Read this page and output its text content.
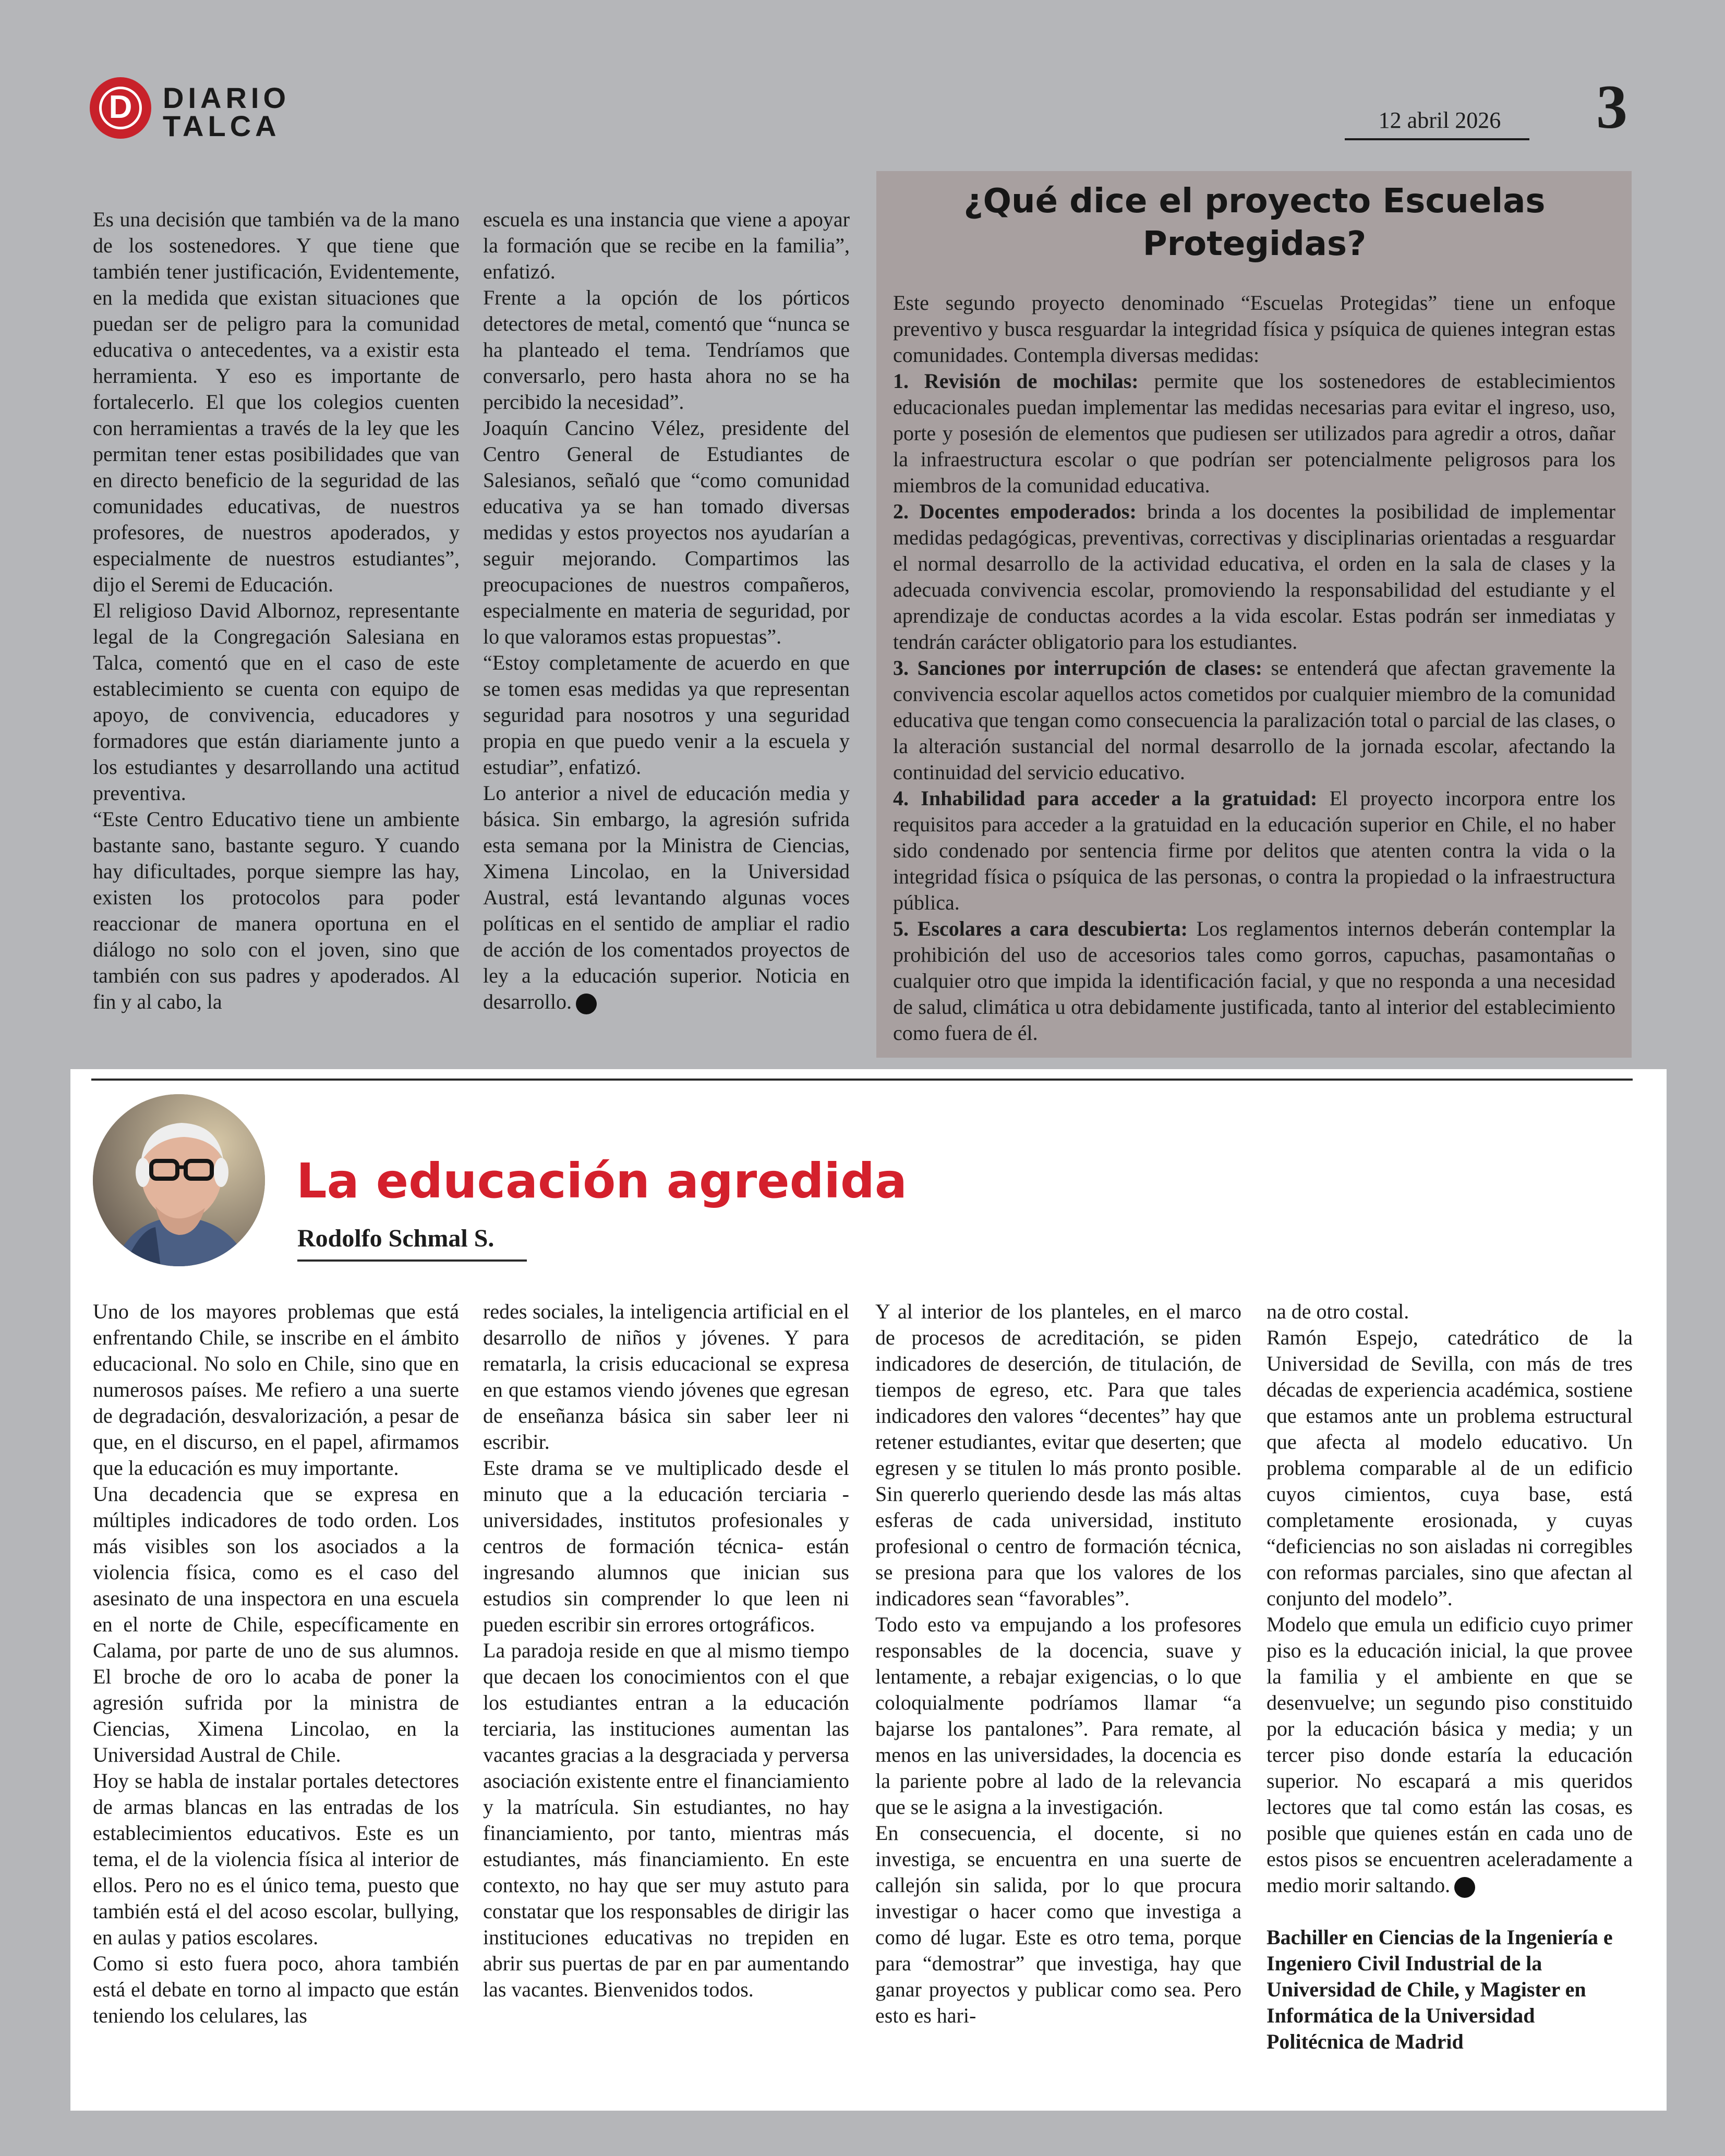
D	DIARIO
TALCA	12 abril 2026	3

Es una decisión que también va de la mano de los sostenedores. Y que tiene que también tener justificación, Evidentemente, en la medida que existan situaciones que puedan ser de peligro para la comunidad educativa o antecedentes, va a existir esta herramienta. Y eso es importante de fortalecerlo. El que los colegios cuenten con herramientas a través de la ley que les permitan tener estas posibilidades que van en directo beneficio de la seguridad de las comunidades educativas, de nuestros profesores, de nuestros apoderados, y especialmente de nuestros estudiantes”, dijo el Seremi de Educación.

El religioso David Albornoz, representante legal de la Congregación Salesiana en Talca, comentó que en el caso de este establecimiento se cuenta con equipo de apoyo, de convivencia, educadores y formadores que están diariamente junto a los estudiantes y desarrollando una actitud preventiva.

“Este Centro Educativo tiene un ambiente bastante sano, bastante seguro. Y cuando hay dificultades, porque siempre las hay, existen los protocolos para poder reaccionar de manera oportuna en el diálogo no solo con el joven, sino que también con sus padres y apoderados. Al fin y al cabo, la

escuela es una instancia que viene a apoyar la formación que se recibe en la familia”, enfatizó.

Frente a la opción de los pórticos detectores de metal, comentó que “nunca se ha planteado el tema. Tendríamos que conversarlo, pero hasta ahora no se ha percibido la necesidad”.

Joaquín Cancino Vélez, presidente del Centro General de Estudiantes de Salesianos, señaló que “como comunidad educativa ya se han tomado diversas medidas y estos proyectos nos ayudarían a seguir mejorando. Compartimos las preocupaciones de nuestros compañeros, especialmente en materia de seguridad, por lo que valoramos estas propuestas”.

“Estoy completamente de acuerdo en que se tomen esas medidas ya que representan seguridad para nosotros y una seguridad propia en que puedo venir a la escuela y estudiar”, enfatizó.

Lo anterior a nivel de educación media y básica. Sin embargo, la agresión sufrida esta semana por la Ministra de Ciencias, Ximena Lincolao, en la Universidad Austral, está levantando algunas voces políticas en el sentido de ampliar el radio de acción de los comentados proyectos de ley a la educación superior. Noticia en desarrollo.

¿Qué dice el proyecto Escuelas Protegidas?

Este segundo proyecto denominado “Escuelas Protegidas” tiene un enfoque preventivo y busca resguardar la integridad física y psíquica de quienes integran estas comunidades. Contempla diversas medidas:

1. Revisión de mochilas: permite que los sostenedores de establecimientos educacionales puedan implementar las medidas necesarias para evitar el ingreso, uso, porte y posesión de elementos que pudiesen ser utilizados para agredir a otros, dañar la infraestructura escolar o que podrían ser potencialmente peligrosos para los miembros de la comunidad educativa.

2. Docentes empoderados: brinda a los docentes la posibilidad de implementar medidas pedagógicas, preventivas, correctivas y disciplinarias orientadas a resguardar el normal desarrollo de la actividad educativa, el orden en la sala de clases y la adecuada convivencia escolar, promoviendo la responsabilidad del estudiante y el aprendizaje de conductas acordes a la vida escolar. Estas podrán ser inmediatas y tendrán carácter obligatorio para los estudiantes.

3. Sanciones por interrupción de clases: se entenderá que afectan gravemente la convivencia escolar aquellos actos cometidos por cualquier miembro de la comunidad educativa que tengan como consecuencia la paralización total o parcial de las clases, o la alteración sustancial del normal desarrollo de la jornada escolar, afectando la continuidad del servicio educativo.

4. Inhabilidad para acceder a la gratuidad: El proyecto incorpora entre los requisitos para acceder a la gratuidad en la educación superior en Chile, el no haber sido condenado por sentencia firme por delitos que atenten contra la vida o la integridad física o psíquica de las personas, o contra la propiedad o la infraestructura pública.

5. Escolares a cara descubierta: Los reglamentos internos deberán contemplar la prohibición del uso de accesorios tales como gorros, capuchas, pasamontañas o cualquier otro que impida la identificación facial, y que no responda a una necesidad de salud, climática u otra debidamente justificada, tanto al interior del establecimiento como fuera de él.

La educación agredida
Rodolfo Schmal S.

Uno de los mayores problemas que está enfrentando Chile, se inscribe en el ámbito educacional. No solo en Chile, sino que en numerosos países. Me refiero a una suerte de degradación, desvalorización, a pesar de que, en el discurso, en el papel, afirmamos que la educación es muy importante.

Una decadencia que se expresa en múltiples indicadores de todo orden. Los más visibles son los asociados a la violencia física, como es el caso del asesinato de una inspectora en una escuela en el norte de Chile, específicamente en Calama, por parte de uno de sus alumnos. El broche de oro lo acaba de poner la agresión sufrida por la ministra de Ciencias, Ximena Lincolao, en la Universidad Austral de Chile.

Hoy se habla de instalar portales detectores de armas blancas en las entradas de los establecimientos educativos. Este es un tema, el de la violencia física al interior de ellos. Pero no es el único tema, puesto que también está el del acoso escolar, bullying, en aulas y patios escolares.

Como si esto fuera poco, ahora también está el debate en torno al impacto que están teniendo los celulares, las

redes sociales, la inteligencia artificial en el desarrollo de niños y jóvenes. Y para rematarla, la crisis educacional se expresa en que estamos viendo jóvenes que egresan de enseñanza básica sin saber leer ni escribir.

Este drama se ve multiplicado desde el minuto que a la educación terciaria -universidades, institutos profesionales y centros de formación técnica- están ingresando alumnos que inician sus estudios sin comprender lo que leen ni pueden escribir sin errores ortográficos.

La paradoja reside en que al mismo tiempo que decaen los conocimientos con el que los estudiantes entran a la educación terciaria, las instituciones aumentan las vacantes gracias a la desgraciada y perversa asociación existente entre el financiamiento y la matrícula. Sin estudiantes, no hay financiamiento, por tanto, mientras más estudiantes, más financiamiento. En este contexto, no hay que ser muy astuto para constatar que los responsables de dirigir las instituciones educativas no trepiden en abrir sus puertas de par en par aumentando las vacantes. Bienvenidos todos.

Y al interior de los planteles, en el marco de procesos de acreditación, se piden indicadores de deserción, de titulación, de tiempos de egreso, etc. Para que tales indicadores den valores “decentes” hay que retener estudiantes, evitar que deserten; que egresen y se titulen lo más pronto posible. Sin quererlo queriendo desde las más altas esferas de cada universidad, instituto profesional o centro de formación técnica, se presiona para que los valores de los indicadores sean “favorables”.

Todo esto va empujando a los profesores responsables de la docencia, suave y lentamente, a rebajar exigencias, o lo que coloquialmente podríamos llamar “a bajarse los pantalones”. Para remate, al menos en las universidades, la docencia es la pariente pobre al lado de la relevancia que se le asigna a la investigación.

En consecuencia, el docente, si no investiga, se encuentra en una suerte de callejón sin salida, por lo que procura investigar o hacer como que investiga a como dé lugar. Este es otro tema, porque para “demostrar” que investiga, hay que ganar proyectos y publicar como sea. Pero esto es hari-

na de otro costal.

Ramón Espejo, catedrático de la Universidad de Sevilla, con más de tres décadas de experiencia académica, sostiene que estamos ante un problema estructural que afecta al modelo educativo. Un problema comparable al de un edificio cuyos cimientos, cuya base, está completamente erosionada, y cuyas “deficiencias no son aisladas ni corregibles con reformas parciales, sino que afectan al conjunto del modelo”.

Modelo que emula un edificio cuyo primer piso es la educación inicial, la que provee la familia y el ambiente en que se desenvuelve; un segundo piso constituido por la educación básica y media; y un tercer piso donde estaría la educación superior. No escapará a mis queridos lectores que tal como están las cosas, es posible que quienes están en cada uno de estos pisos se encuentren aceleradamente a medio morir saltando.

Bachiller en Ciencias de la Ingeniería e Ingeniero Civil Industrial de la Universidad de Chile, y Magister en Informática de la Universidad Politécnica de Madrid
